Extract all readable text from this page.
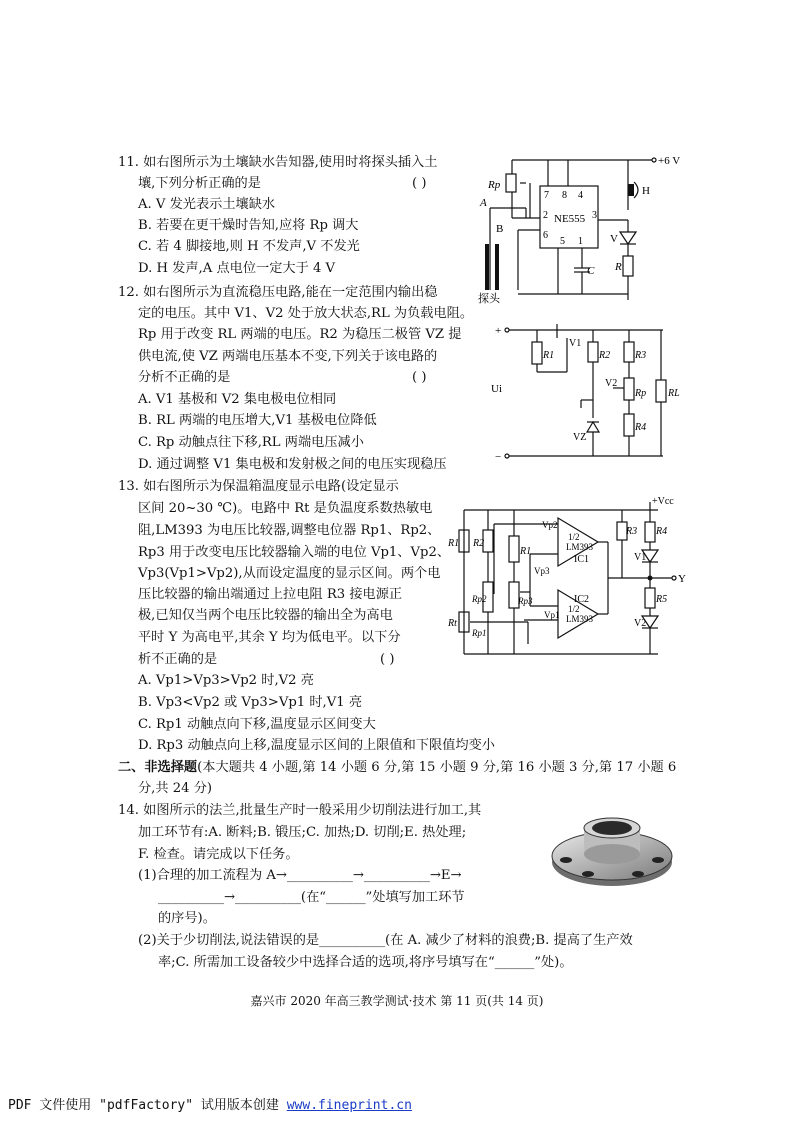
11. 如右图所示为土壤缺水告知器,使用时将探头插入土
壤,下列分析正确的是	( )
A. V 发光表示土壤缺水
B. 若要在更干燥时告知,应将 Rp 调大
C. 若 4 脚接地,则 H 不发声,V 不发光
D. H 发声,A 点电位一定大于 4 V
+6 V
NE555
Rp
A
B
H
V
R
C
7 8 4
2	3
6
5 1
探头
12. 如右图所示为直流稳压电路,能在一定范围内输出稳
定的电压。其中 V1、V2 处于放大状态,RL 为负载电阻。
Rp 用于改变 RL 两端的电压。R2 为稳压二极管 VZ 提
供电流,使 VZ 两端电压基本不变,下列关于该电路的
分析不正确的是	( )
A. V1 基极和 V2 集电极电位相同
B. RL 两端的电压增大,V1 基极电位降低
C. Rp 动触点往下移,RL 两端电压减小
D. 通过调整 V1 集电极和发射极之间的电压实现稳压
+
−
Ui
R1
V1
R2 R3
V2
Rp RL
R4
VZ
13. 如右图所示为保温箱温度显示电路(设定显示
区间 20~30 ℃)。电路中 Rt 是负温度系数热敏电
阻,LM393 为电压比较器,调整电位器 Rp1、Rp2、
Rp3 用于改变电压比较器输入端的电位 Vp1、Vp2、
Vp3(Vp1>Vp2),从而设定温度的显示区间。两个电
压比较器的输出端通过上拉电阻 R3 接电源正
极,已知仅当两个电压比较器的输出全为高电
平时 Y 为高电平,其余 Y 均为低电平。以下分
析不正确的是	( )
A. Vp1>Vp3>Vp2 时,V2 亮
B. Vp3<Vp2 或 Vp3>Vp1 时,V1 亮
C. Rp1 动触点向下移,温度显示区间变大
D. Rp3 动触点向上移,温度显示区间的上限值和下限值均变小
+Vcc
Y
IC1
IC2
LM393
LM393
1/2
1/2
R1 R2
R3 R4
R5
Rt
R1
Rp2	Rp3
Rp1
Vp1
Vp2
Vp3
V1
V2
二、非选择题(本大题共 4 小题,第 14 小题 6 分,第 15 小题 9 分,第 16 小题 3 分,第 17 小题 6
分,共 24 分)
14. 如图所示的法兰,批量生产时一般采用少切削法进行加工,其
加工环节有:A. 断料;B. 锻压;C. 加热;D. 切削;E. 热处理;
F. 检查。请完成以下任务。
(1)合理的加工流程为 A→__________→__________→E→
__________→__________(在“______”处填写加工环节
的序号)。
(2)关于少切削法,说法错误的是__________(在 A. 减少了材料的浪费;B. 提高了生产效
率;C. 所需加工设备较少中选择合适的选项,将序号填写在“______”处)。
嘉兴市 2020 年高三教学测试·技术 第 11 页(共 14 页)
PDF 文件使用 "pdfFactory" 试用版本创建 www.fineprint.cn
